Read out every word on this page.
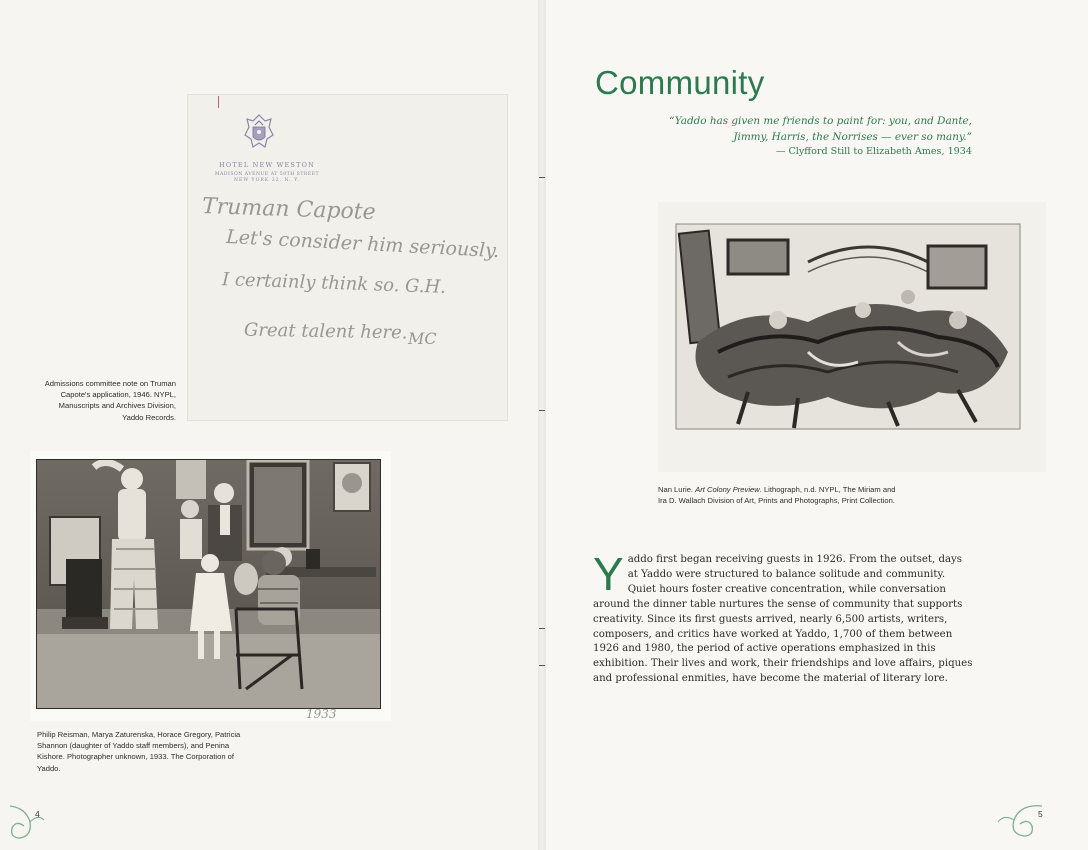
HOTEL NEW WESTON
MADISON AVENUE AT 50TH STREET
NEW YORK 22, N. Y.
Truman Capote
Let's consider him seriously.
I certainly think so. G.H.
Great talent here. MC
Admissions committee note on Truman Capote's application, 1946. NYPL, Manuscripts and Archives Division, Yaddo Records.
1933
Philip Reisman, Marya Zaturenska, Horace Gregory, Patricia Shannon (daughter of Yaddo staff members), and Penina Kishore. Photographer unknown, 1933. The Corporation of Yaddo.
4
Community
“Yaddo has given me friends to paint for: you, and Dante, Jimmy, Harris, the Norrises — ever so many.”
— Clyfford Still to Elizabeth Ames, 1934
Nan Lurie. Art Colony Preview. Lithograph, n.d. NYPL, The Miriam and Ira D. Wallach Division of Art, Prints and Photographs, Print Collection.
Yaddo first began receiving guests in 1926. From the outset, days at Yaddo were structured to balance solitude and community. Quiet hours foster creative concentration, while conversation around the dinner table nurtures the sense of community that supports creativity. Since its first guests arrived, nearly 6,500 artists, writers, composers, and critics have worked at Yaddo, 1,700 of them between 1926 and 1980, the period of active operations emphasized in this exhibition. Their lives and work, their friendships and love affairs, piques and professional enmities, have become the material of literary lore.
5
